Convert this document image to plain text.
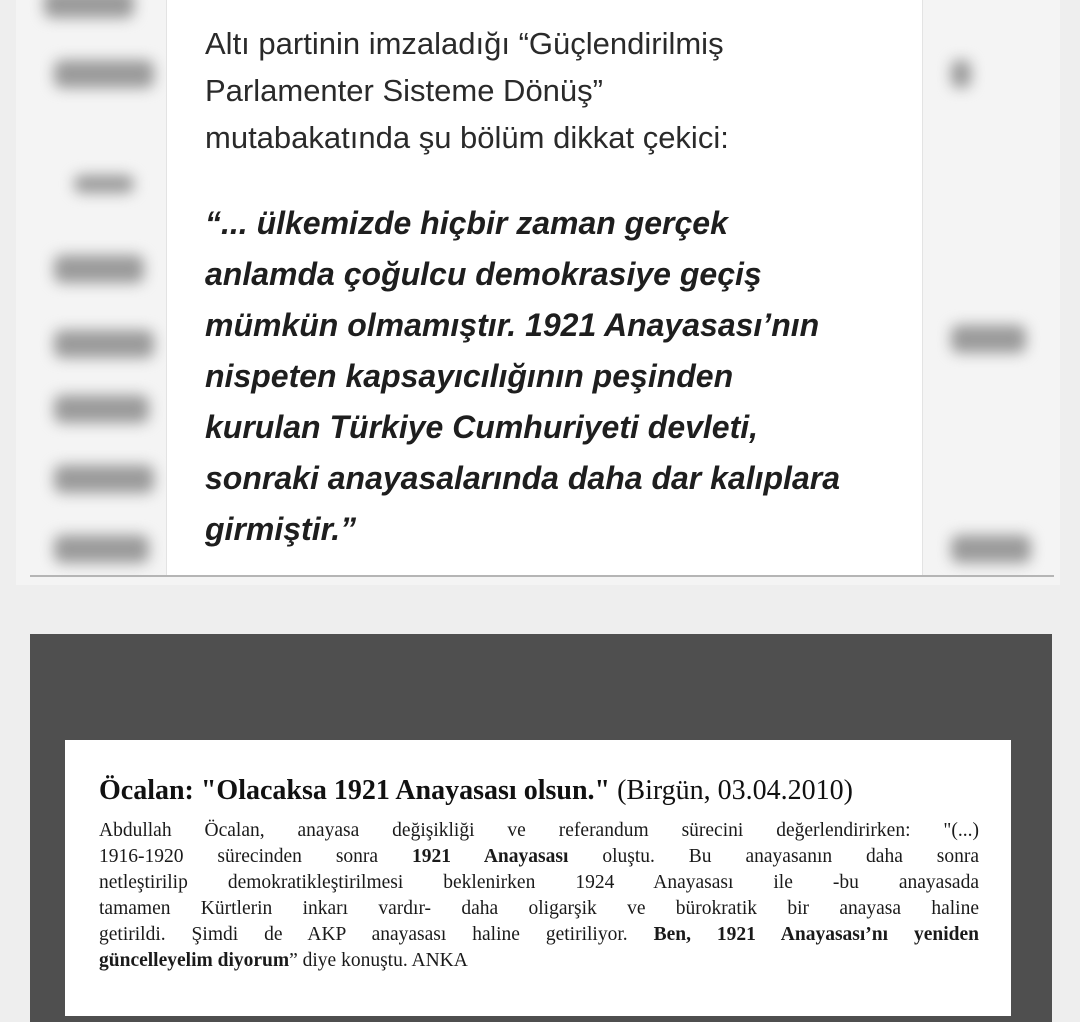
Altı partinin imzaladığı “Güçlendirilmiş
Parlamenter Sisteme Dönüş”
mutabakatında şu bölüm dikkat çekici:

“... ülkemizde hiçbir zaman gerçek
anlamda çoğulcu demokrasiye geçiş
mümkün olmamıştır. 1921 Anayasası’nın
nispeten kapsayıcılığının peşinden
kurulan Türkiye Cumhuriyeti devleti,
sonraki anayasalarında daha dar kalıplara
girmiştir.”

Öcalan: "Olacaksa 1921 Anayasası olsun." (Birgün, 03.04.2010)
Abdullah Öcalan, anayasa değişikliği ve referandum sürecini değerlendirirken: "(...)
1916-1920 sürecinden sonra 1921 Anayasası oluştu. Bu anayasanın daha sonra
netleştirilip demokratikleştirilmesi beklenirken 1924 Anayasası ile -bu anayasada
tamamen Kürtlerin inkarı vardır- daha oligarşik ve bürokratik bir anayasa haline
getirildi. Şimdi de AKP anayasası haline getiriliyor. Ben, 1921 Anayasası’nı yeniden
güncelleyelim diyorum” diye konuştu. ANKA
